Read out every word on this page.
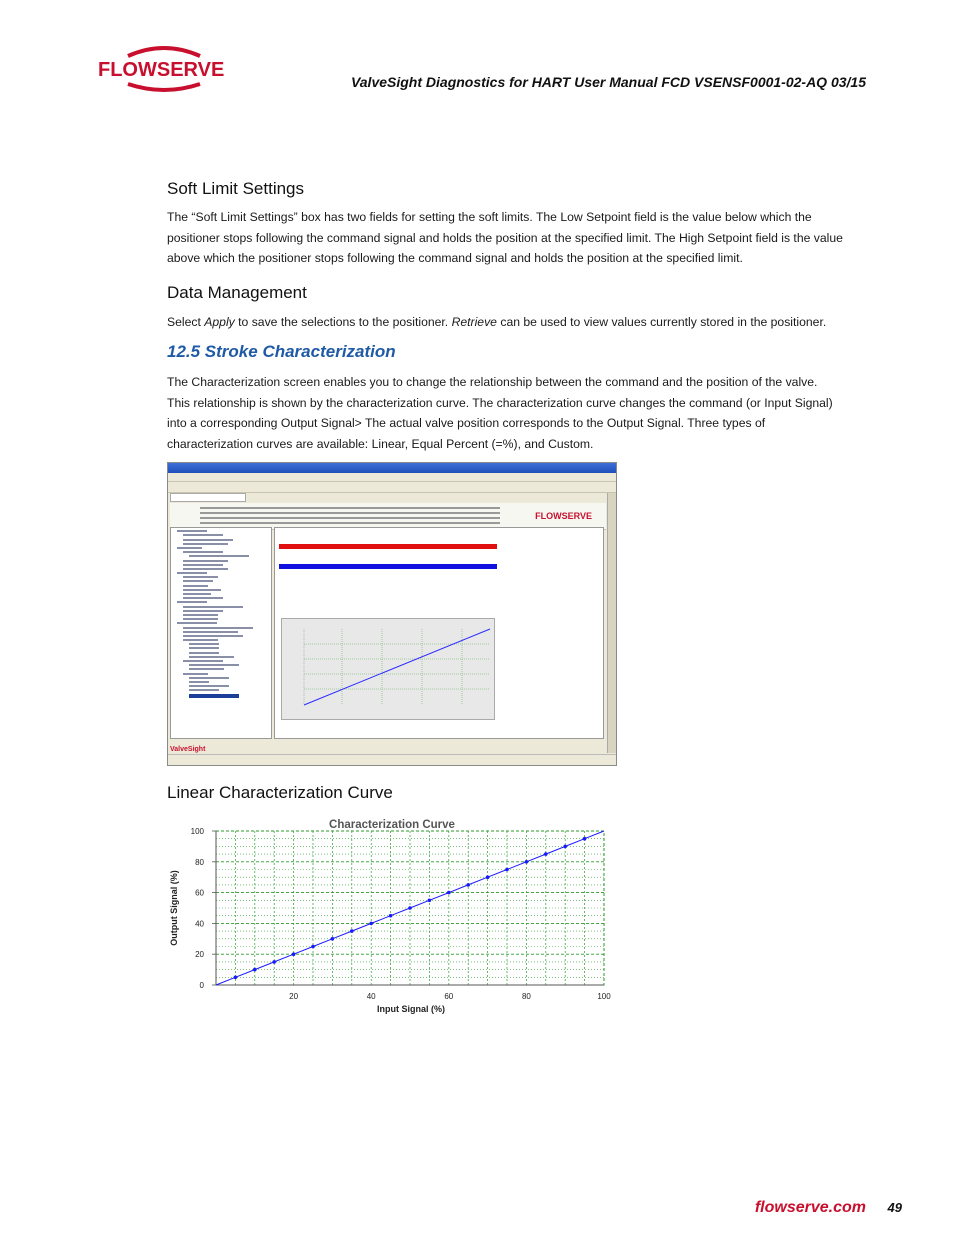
FLOWSERVE
ValveSight Diagnostics for HART User Manual FCD VSENSF0001-02-AQ 03/15
Soft Limit Settings

The “Soft Limit Settings” box has two fields for setting the soft limits. The Low Setpoint field is the value below which the positioner stops following the command signal and holds the position at the specified limit. The High Setpoint field is the value above which the positioner stops following the command signal and holds the position at the specified limit.

Data Management

Select Apply to save the selections to the positioner. Retrieve can be used to view values currently stored in the positioner.

12.5 Stroke Characterization

The Characterization screen enables you to change the relationship between the command and the position of the valve. This relationship is shown by the characterization curve. The characterization curve changes the command (or Input Signal) into a corresponding Output Signal> The actual valve position corresponds to the Output Signal. Three types of characterization curves are available: Linear, Equal Percent (=%), and Custom.

FLOWSERVE
ValveSight
Linear Characterization Curve
Characterization Curve
Input Signal (%)
Output Signal (%)
0
20
40
60
80
100
20	40	60	80	100
flowserve.com 49
